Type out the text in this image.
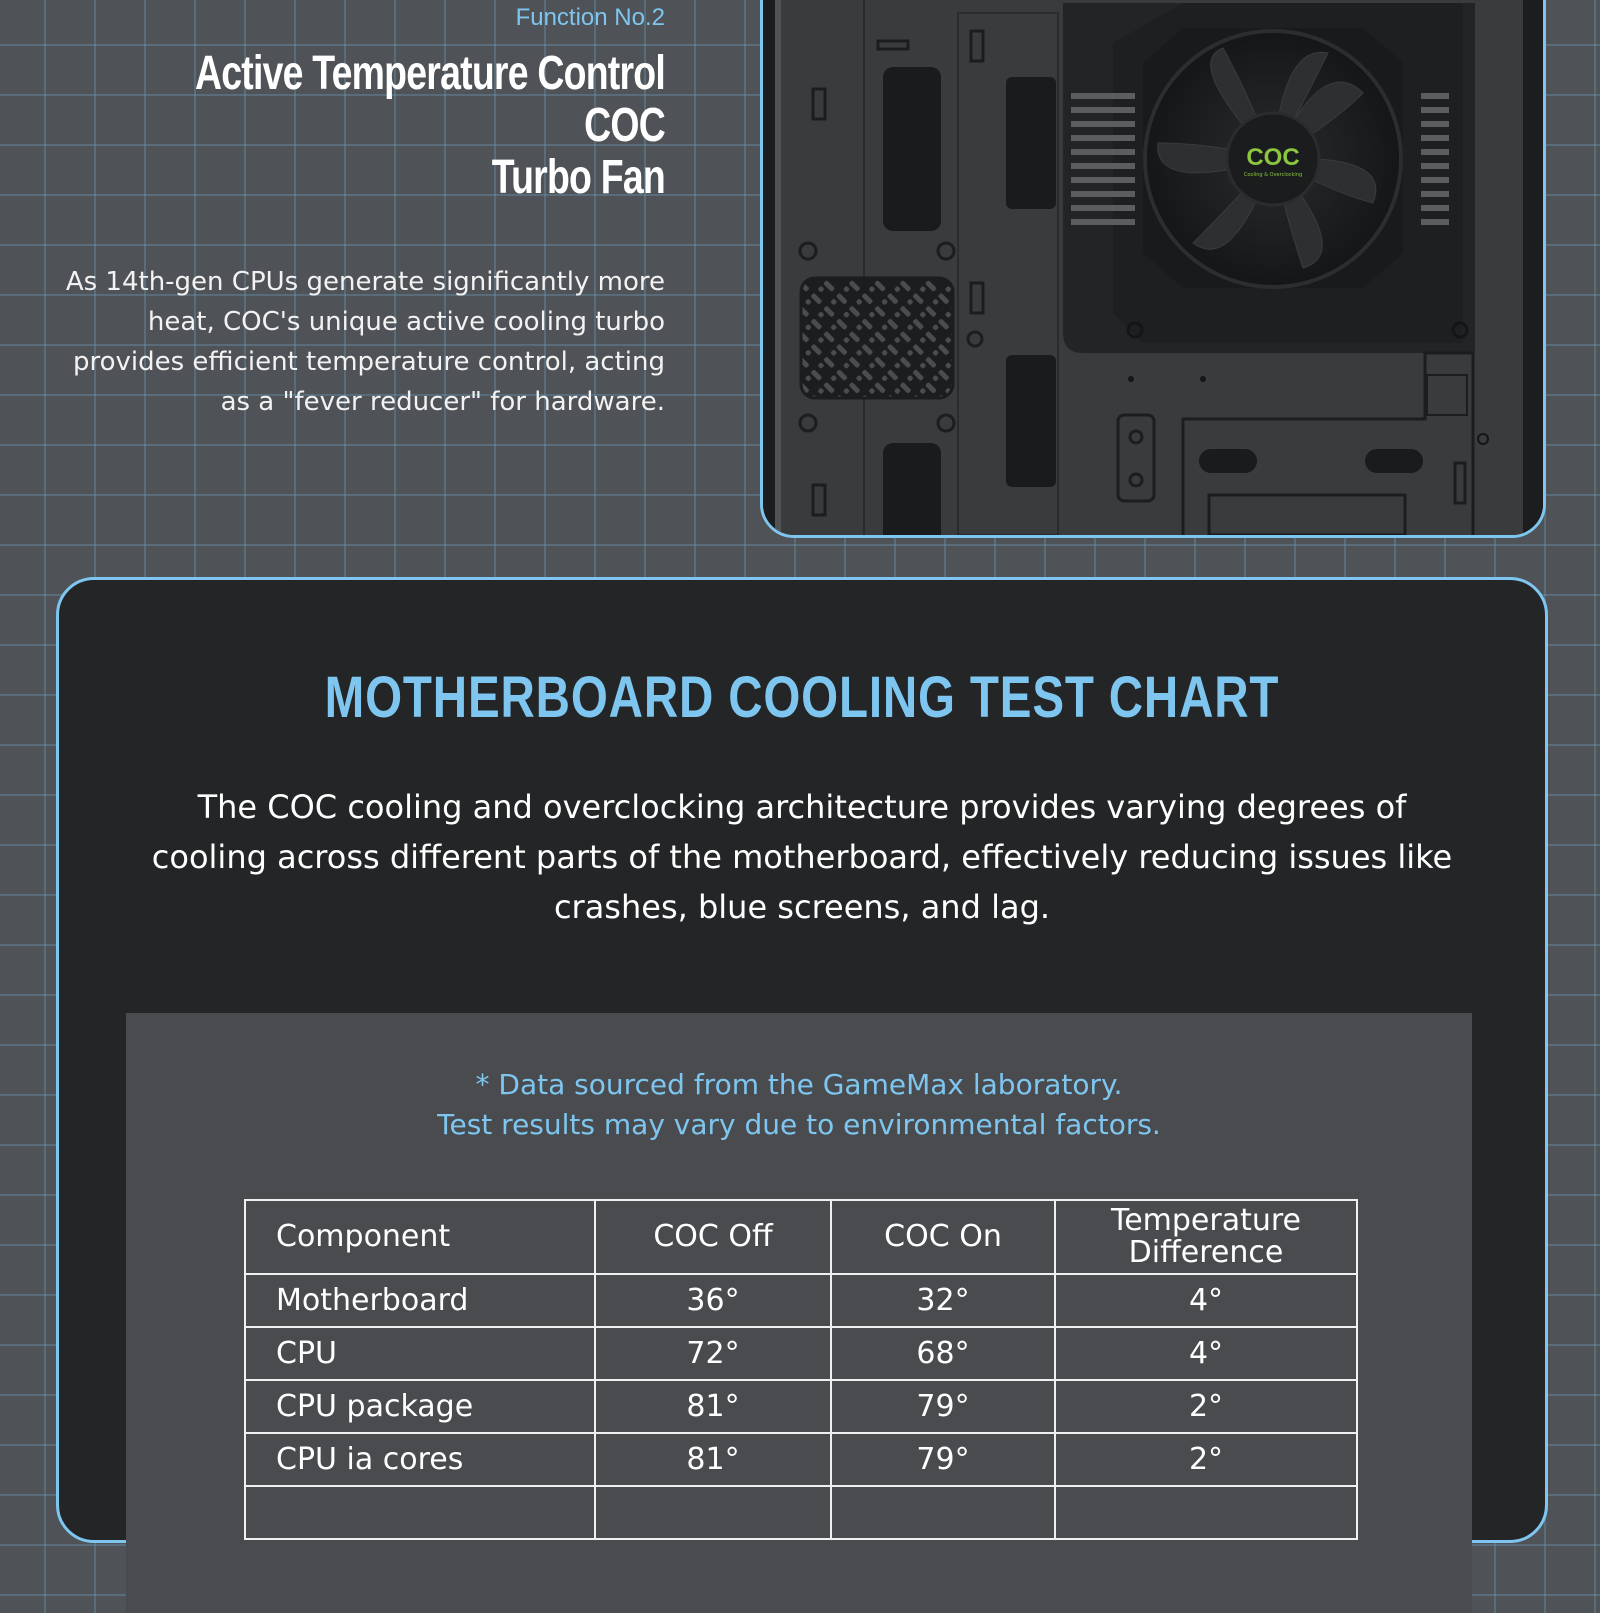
Function No.2
Active Temperature Control COC
Turbo Fan
As 14th-gen CPUs generate significantly more heat, COC's unique active cooling turbo provides efficient temperature control, acting as a "fever reducer" for hardware.
COC
Cooling & Overclocking
MOTHERBOARD COOLING TEST CHART
The COC cooling and overclocking architecture provides varying degrees of cooling across different parts of the motherboard, effectively reducing issues like crashes, blue screens, and lag.
* Data sourced from the GameMax laboratory.
Test results may vary due to environmental factors.
Component	COC Off	COC On	Temperature Difference
Motherboard	36°	32°	4°
CPU	72°	68°	4°
CPU package	81°	79°	2°
CPU ia cores	81°	79°	2°
